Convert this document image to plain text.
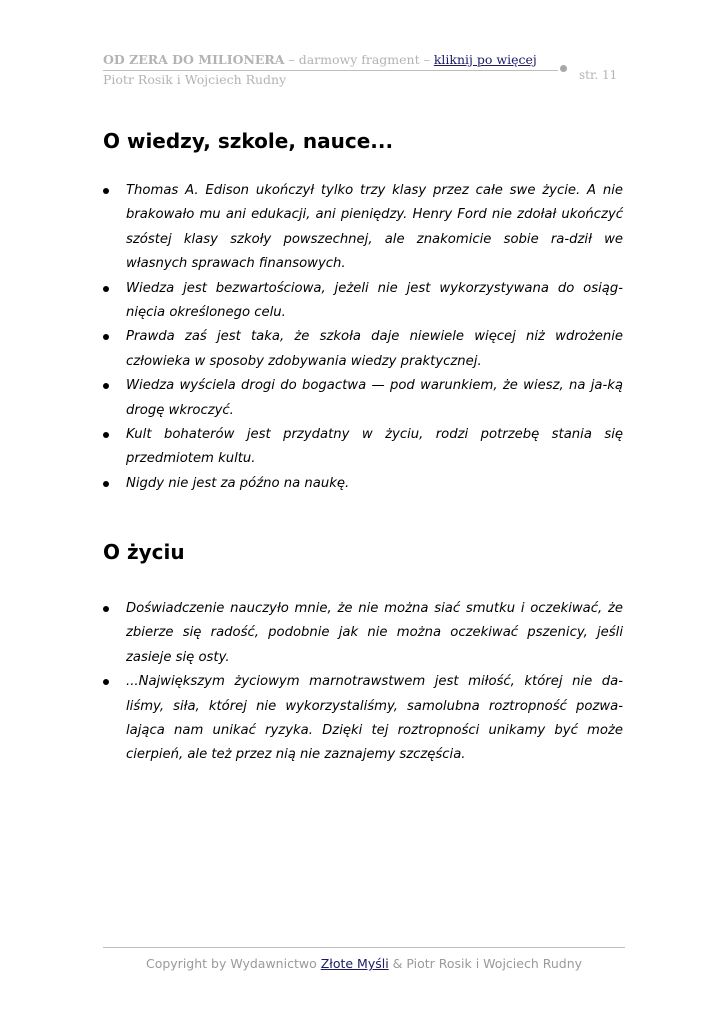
OD ZERA DO MILIONERA – darmowy fragment – kliknij po więcej
Piotr Rosik i Wojciech Rudny	str. 11
O wiedzy, szkole, nauce...
Thomas A. Edison ukończył tylko trzy klasy przez całe swe życie. A nie brakowało mu ani edukacji, ani pieniędzy. Henry Ford nie zdołał ukończyć szóstej klasy szkoły powszechnej, ale znakomicie sobie ra-dził we własnych sprawach finansowych.
Wiedza jest bezwartościowa, jeżeli nie jest wykorzystywana do osiąg-nięcia określonego celu.
Prawda zaś jest taka, że szkoła daje niewiele więcej niż wdrożenie człowieka w sposoby zdobywania wiedzy praktycznej.
Wiedza wyściela drogi do bogactwa — pod warunkiem, że wiesz, na ja-ką drogę wkroczyć.
Kult bohaterów jest przydatny w życiu, rodzi potrzebę stania się przedmiotem kultu.
Nigdy nie jest za późno na naukę.
O życiu
Doświadczenie nauczyło mnie, że nie można siać smutku i oczekiwać, że zbierze się radość, podobnie jak nie można oczekiwać pszenicy, jeśli zasieje się osty.
...Największym życiowym marnotrawstwem jest miłość, której nie da-liśmy, siła, której nie wykorzystaliśmy, samolubna roztropność pozwa-lająca nam unikać ryzyka. Dzięki tej roztropności unikamy być może cierpień, ale też przez nią nie zaznajemy szczęścia.
Copyright by Wydawnictwo Złote Myśli & Piotr Rosik i Wojciech Rudny
